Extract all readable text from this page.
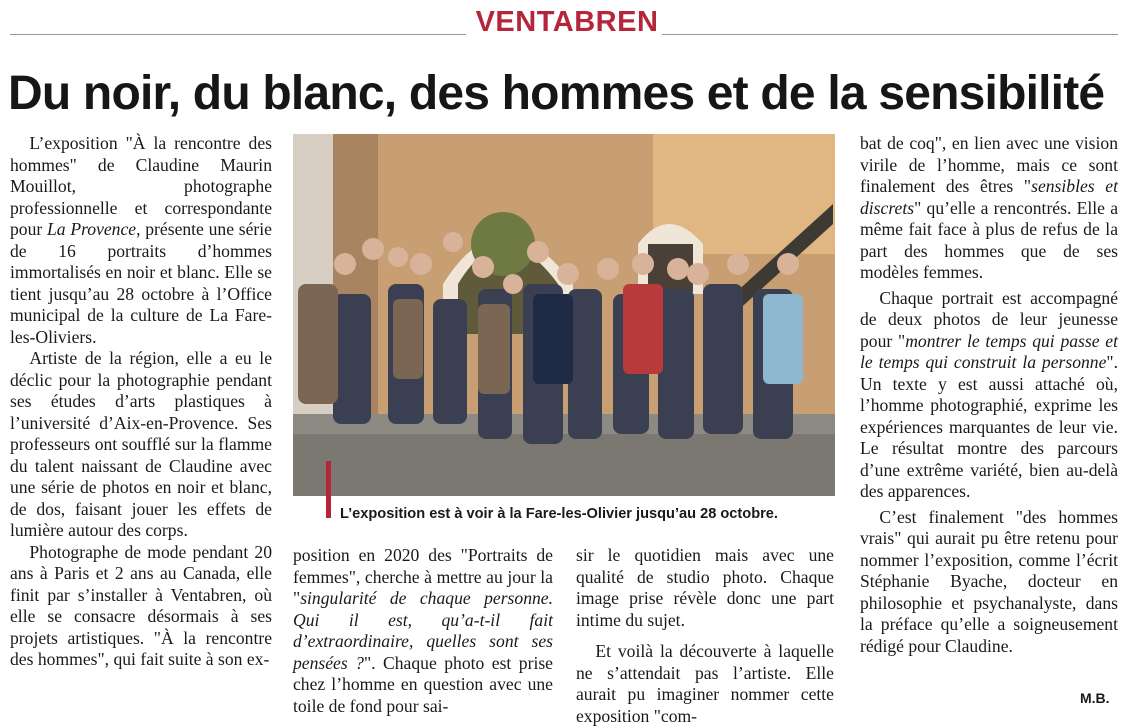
VENTABREN
Du noir, du blanc, des hommes et de la sensibilité

L’exposition "À la rencontre des hommes" de Claudine Maurin Mouillot, photographe professionnelle et correspondante pour La Provence, présente une série de 16 portraits d’hommes immortalisés en noir et blanc. Elle se tient jusqu’au 28 octobre à l’Office municipal de la culture de La Fare-les-Oliviers.

Artiste de la région, elle a eu le déclic pour la photographie pendant ses études d’arts plastiques à l’université d’Aix-en-Provence. Ses professeurs ont soufflé sur la flamme du talent naissant de Claudine avec une série de photos en noir et blanc, de dos, faisant jouer les effets de lumière autour des corps.

Photographe de mode pendant 20 ans à Paris et 2 ans au Canada, elle finit par s’installer à Ventabren, où elle se consacre désormais à ses projets artistiques. "À la rencontre des hommes", qui fait suite à son ex-

L’exposition est à voir à la Fare-les-Olivier jusqu’au 28 octobre.

position en 2020 des "Portraits de femmes", cherche à mettre au jour la "singularité de chaque personne. Qui il est, qu’a-t-il fait d’extraordinaire, quelles sont ses pensées ?". Chaque photo est prise chez l’homme en question avec une toile de fond pour sai-

sir le quotidien mais avec une qualité de studio photo. Chaque image prise révèle donc une part intime du sujet.

Et voilà la découverte à laquelle ne s’attendait pas l’artiste. Elle aurait pu imaginer nommer cette exposition "com-

bat de coq", en lien avec une vision virile de l’homme, mais ce sont finalement des êtres "sensibles et discrets" qu’elle a rencontrés. Elle a même fait face à plus de refus de la part des hommes que de ses modèles femmes.

Chaque portrait est accompagné de deux photos de leur jeunesse pour "montrer le temps qui passe et le temps qui construit la personne". Un texte y est aussi attaché où, l’homme photographié, exprime les expériences marquantes de leur vie. Le résultat montre des parcours d’une extrême variété, bien au-delà des apparences.

C’est finalement "des hommes vrais" qui aurait pu être retenu pour nommer l’exposition, comme l’écrit Stéphanie Byache, docteur en philosophie et psychanalyste, dans la préface qu’elle a soigneusement rédigé pour Claudine.

M.B.
